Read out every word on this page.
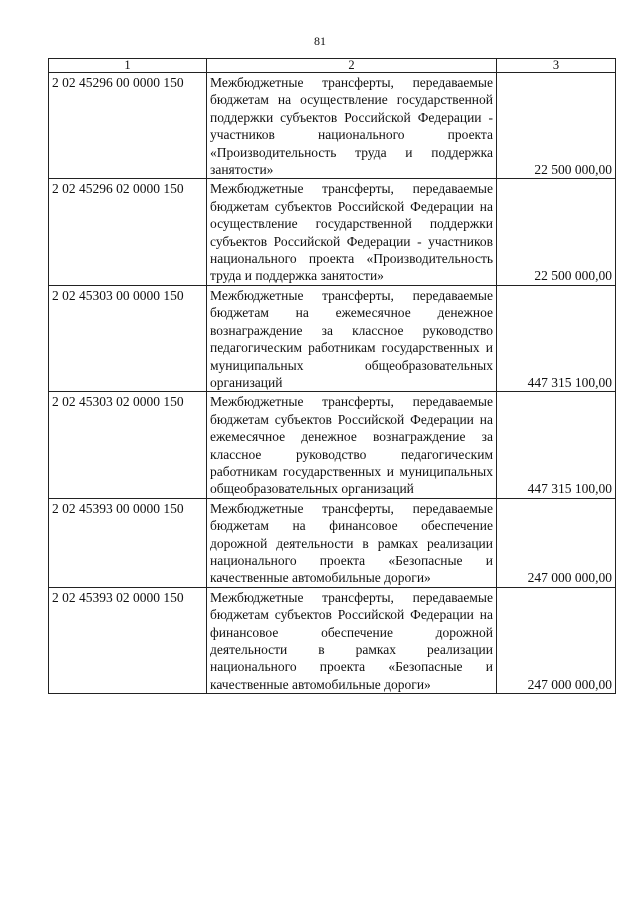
81
1	2	3
2 02 45296 00 0000 150	Межбюджетные трансферты, передаваемые бюджетам на осуществление государственной поддержки субъектов Российской Федерации - участников национального проекта «Производительность труда и поддержка занятости»	22 500 000,00
2 02 45296 02 0000 150	Межбюджетные трансферты, передаваемые бюджетам субъектов Российской Федерации на осуществление государственной поддержки субъектов Российской Федерации - участников национального проекта «Производительность труда и поддержка занятости»	22 500 000,00
2 02 45303 00 0000 150	Межбюджетные трансферты, передаваемые бюджетам на ежемесячное денежное вознаграждение за классное руководство педагогическим работникам государственных и муниципальных общеобразовательных организаций	447 315 100,00
2 02 45303 02 0000 150	Межбюджетные трансферты, передаваемые бюджетам субъектов Российской Федерации на ежемесячное денежное вознаграждение за классное руководство педагогическим работникам государственных и муниципальных общеобразовательных организаций	447 315 100,00
2 02 45393 00 0000 150	Межбюджетные трансферты, передаваемые бюджетам на финансовое обеспечение дорожной деятельности в рамках реализации национального проекта «Безопасные и качественные автомобильные дороги»	247 000 000,00
2 02 45393 02 0000 150	Межбюджетные трансферты, передаваемые бюджетам субъектов Российской Федерации на финансовое обеспечение дорожной деятельности в рамках реализации национального проекта «Безопасные и качественные автомобильные дороги»	247 000 000,00
